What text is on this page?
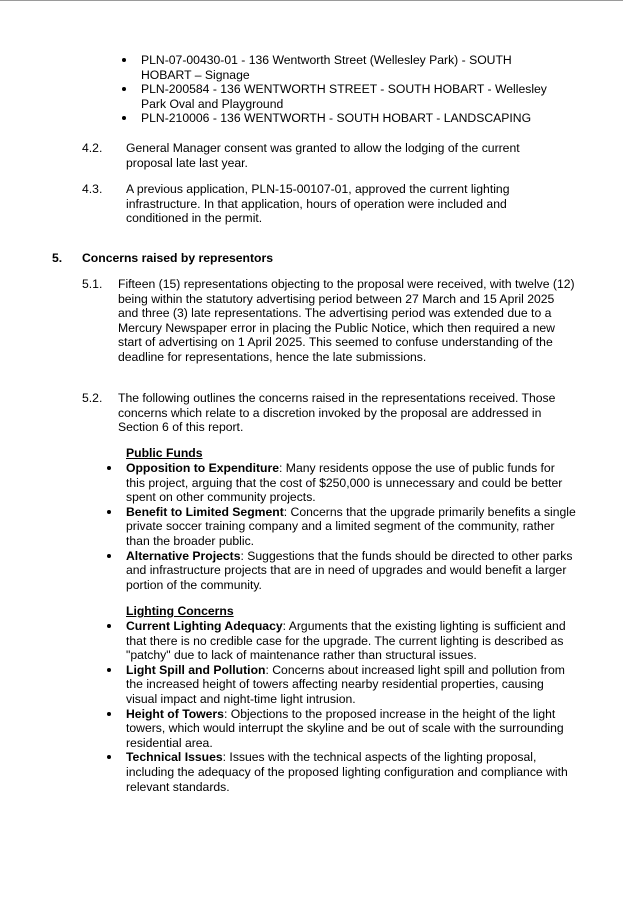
PLN-07-00430-01 - 136 Wentworth Street (Wellesley Park) - SOUTH HOBART – Signage
PLN-200584 - 136 WENTWORTH STREET - SOUTH HOBART - Wellesley Park Oval and Playground
PLN-210006 - 136 WENTWORTH - SOUTH HOBART - LANDSCAPING
4.2. General Manager consent was granted to allow the lodging of the current proposal late last year.
4.3. A previous application, PLN-15-00107-01, approved the current lighting infrastructure. In that application, hours of operation were included and conditioned in the permit.
5. Concerns raised by representors
5.1. Fifteen (15) representations objecting to the proposal were received, with twelve (12) being within the statutory advertising period between 27 March and 15 April 2025 and three (3) late representations. The advertising period was extended due to a Mercury Newspaper error in placing the Public Notice, which then required a new start of advertising on 1 April 2025. This seemed to confuse understanding of the deadline for representations, hence the late submissions.
5.2. The following outlines the concerns raised in the representations received. Those concerns which relate to a discretion invoked by the proposal are addressed in Section 6 of this report.
Public Funds
Opposition to Expenditure: Many residents oppose the use of public funds for this project, arguing that the cost of $250,000 is unnecessary and could be better spent on other community projects.
Benefit to Limited Segment: Concerns that the upgrade primarily benefits a single private soccer training company and a limited segment of the community, rather than the broader public.
Alternative Projects: Suggestions that the funds should be directed to other parks and infrastructure projects that are in need of upgrades and would benefit a larger portion of the community.
Lighting Concerns
Current Lighting Adequacy: Arguments that the existing lighting is sufficient and that there is no credible case for the upgrade. The current lighting is described as "patchy" due to lack of maintenance rather than structural issues.
Light Spill and Pollution: Concerns about increased light spill and pollution from the increased height of towers affecting nearby residential properties, causing visual impact and night-time light intrusion.
Height of Towers: Objections to the proposed increase in the height of the light towers, which would interrupt the skyline and be out of scale with the surrounding residential area.
Technical Issues: Issues with the technical aspects of the lighting proposal, including the adequacy of the proposed lighting configuration and compliance with relevant standards.
